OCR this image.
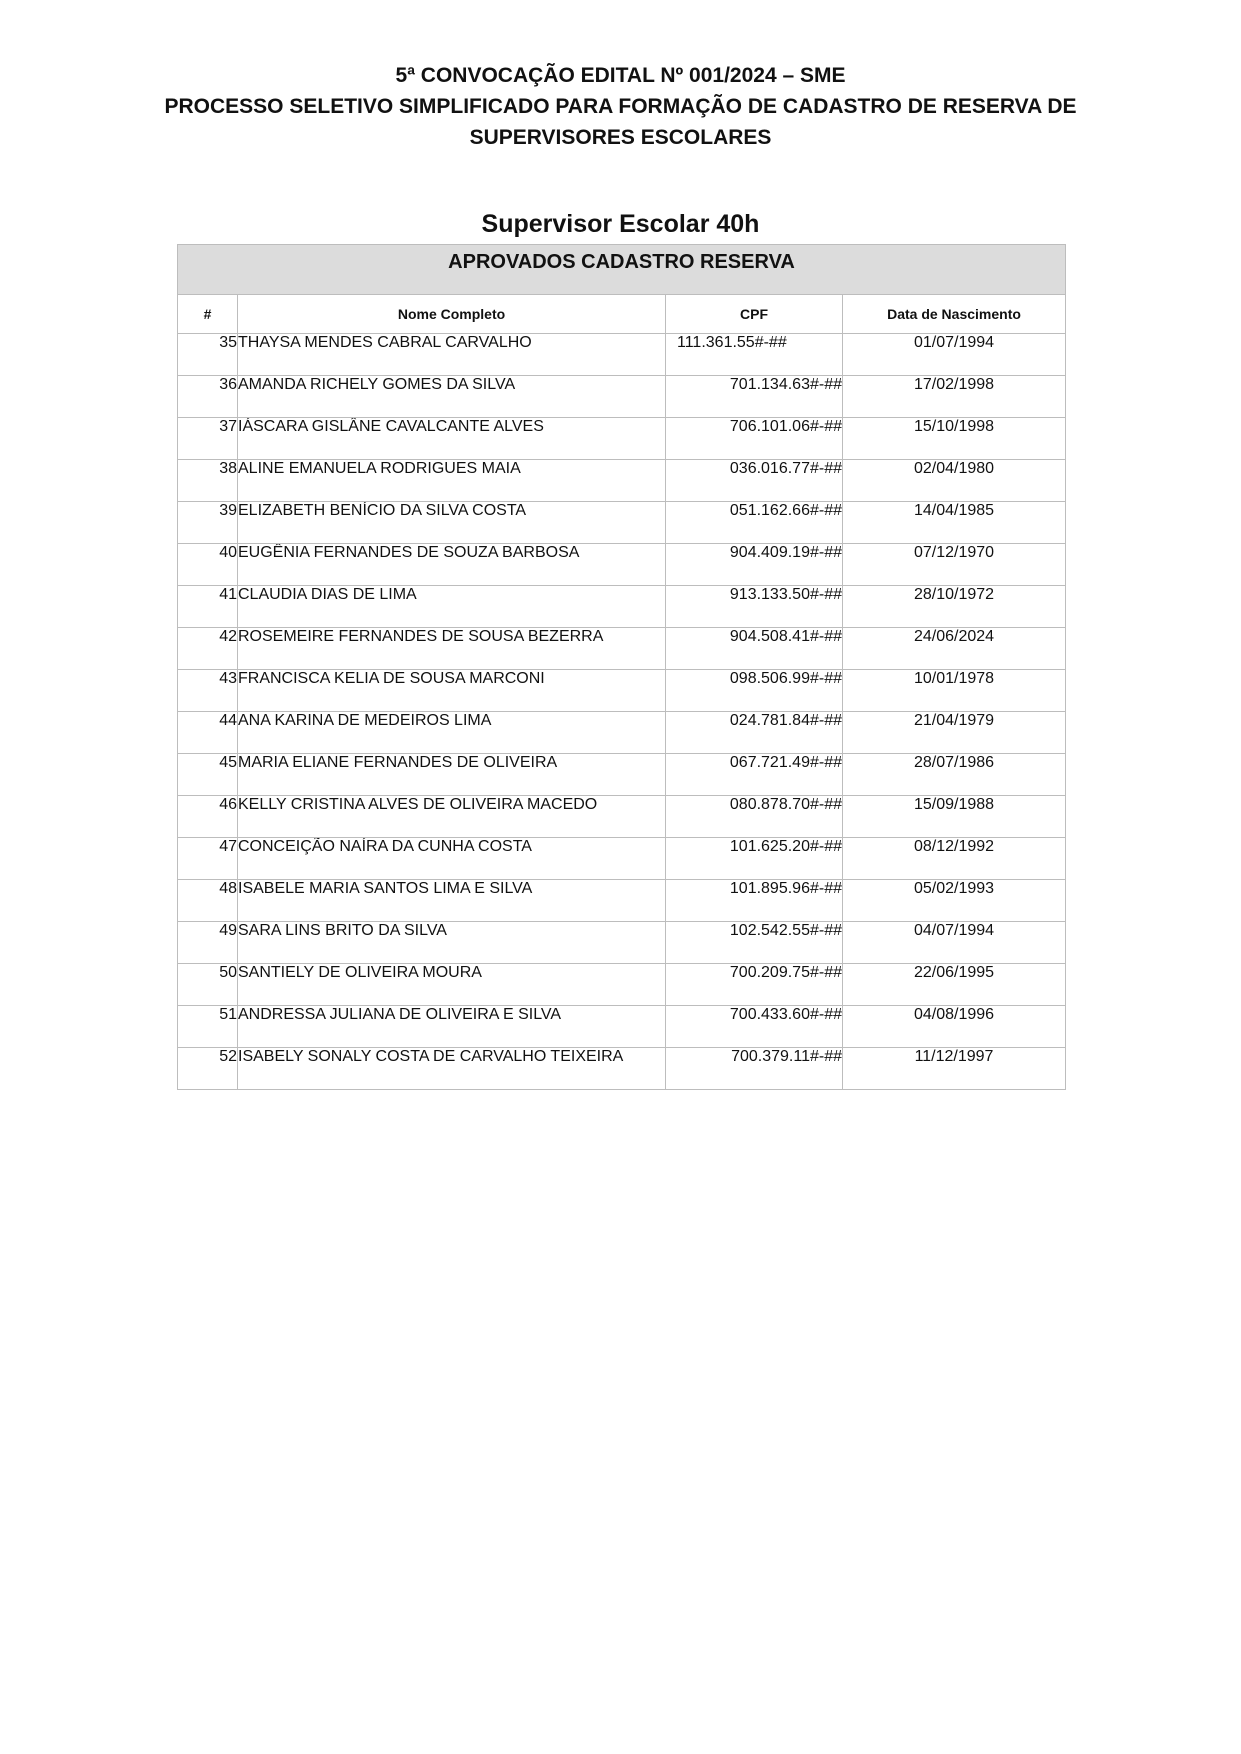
5ª CONVOCAÇÃO EDITAL Nº 001/2024 – SME
PROCESSO SELETIVO SIMPLIFICADO PARA FORMAÇÃO DE CADASTRO DE RESERVA DE
SUPERVISORES ESCOLARES
Supervisor Escolar 40h
APROVADOS CADASTRO RESERVA			
#	Nome Completo	CPF	Data de Nascimento
35	THAYSA MENDES CABRAL CARVALHO	111.361.55#-##	01/07/1994
36	AMANDA RICHELY GOMES DA SILVA	701.134.63#-##	17/02/1998
37	IÁSCARA GISLÂNE CAVALCANTE ALVES	706.101.06#-##	15/10/1998
38	ALINE EMANUELA RODRIGUES MAIA	036.016.77#-##	02/04/1980
39	ELIZABETH BENÍCIO DA SILVA COSTA	051.162.66#-##	14/04/1985
40	EUGÊNIA FERNANDES DE SOUZA BARBOSA	904.409.19#-##	07/12/1970
41	CLAUDIA DIAS DE LIMA	913.133.50#-##	28/10/1972
42	ROSEMEIRE FERNANDES DE SOUSA BEZERRA	904.508.41#-##	24/06/2024
43	FRANCISCA KELIA DE SOUSA MARCONI	098.506.99#-##	10/01/1978
44	ANA KARINA DE MEDEIROS LIMA	024.781.84#-##	21/04/1979
45	MARIA ELIANE FERNANDES DE OLIVEIRA	067.721.49#-##	28/07/1986
46	KELLY CRISTINA ALVES DE OLIVEIRA MACEDO	080.878.70#-##	15/09/1988
47	CONCEIÇÃO NAÍRA DA CUNHA COSTA	101.625.20#-##	08/12/1992
48	ISABELE MARIA SANTOS LIMA E SILVA	101.895.96#-##	05/02/1993
49	SARA LINS BRITO DA SILVA	102.542.55#-##	04/07/1994
50	SANTIELY DE OLIVEIRA MOURA	700.209.75#-##	22/06/1995
51	ANDRESSA JULIANA DE OLIVEIRA E SILVA	700.433.60#-##	04/08/1996
52	ISABELY SONALY COSTA DE CARVALHO TEIXEIRA	700.379.11#-##	11/12/1997
